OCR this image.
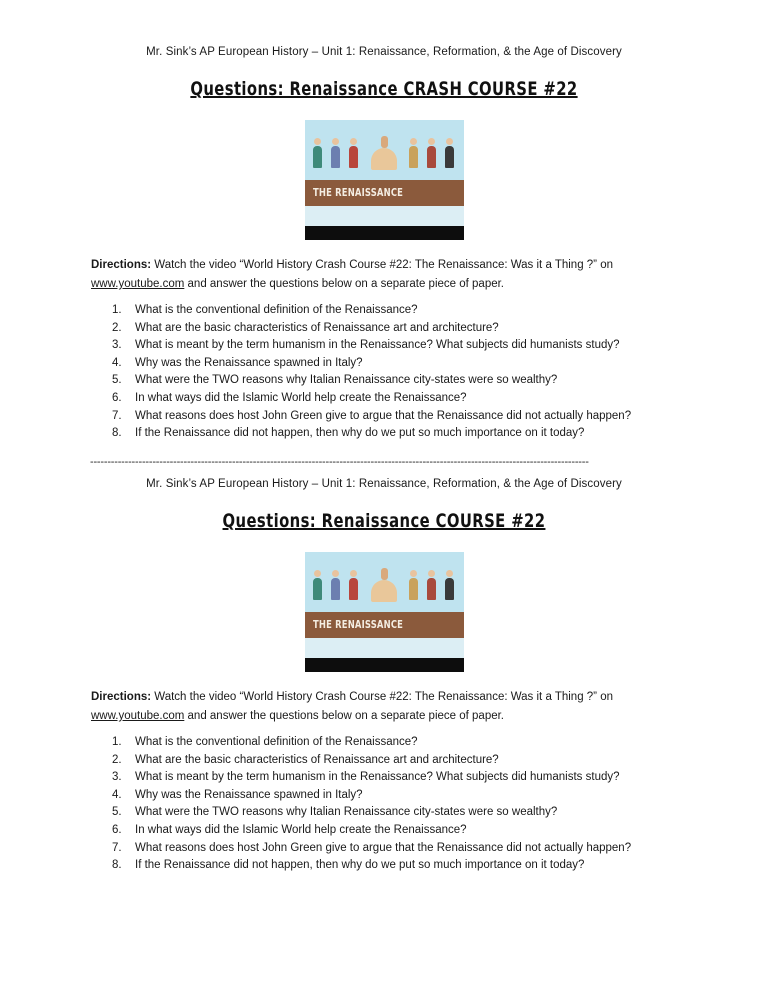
Mr. Sink’s AP European History – Unit 1: Renaissance, Reformation, & the Age of Discovery
Questions: Renaissance CRASH COURSE #22
THE RENAISSANCE
Directions: Watch the video “World History Crash Course #22: The Renaissance: Was it a Thing ?” on
www.youtube.com and answer the questions below on a separate piece of paper.
1. What is the conventional definition of the Renaissance?
2. What are the basic characteristics of Renaissance art and architecture?
3. What is meant by the term humanism in the Renaissance? What subjects did humanists study?
4. Why was the Renaissance spawned in Italy?
5. What were the TWO reasons why Italian Renaissance city-states were so wealthy?
6. In what ways did the Islamic World help create the Renaissance?
7. What reasons does host John Green give to argue that the Renaissance did not actually happen?
8. If the Renaissance did not happen, then why do we put so much importance on it today?
------------------------------------------------------------------------------------------------------------------------------------------------
Mr. Sink’s AP European History – Unit 1: Renaissance, Reformation, & the Age of Discovery
Questions: Renaissance COURSE #22
THE RENAISSANCE
Directions: Watch the video “World History Crash Course #22: The Renaissance: Was it a Thing ?” on
www.youtube.com and answer the questions below on a separate piece of paper.
1. What is the conventional definition of the Renaissance?
2. What are the basic characteristics of Renaissance art and architecture?
3. What is meant by the term humanism in the Renaissance? What subjects did humanists study?
4. Why was the Renaissance spawned in Italy?
5. What were the TWO reasons why Italian Renaissance city-states were so wealthy?
6. In what ways did the Islamic World help create the Renaissance?
7. What reasons does host John Green give to argue that the Renaissance did not actually happen?
8. If the Renaissance did not happen, then why do we put so much importance on it today?
